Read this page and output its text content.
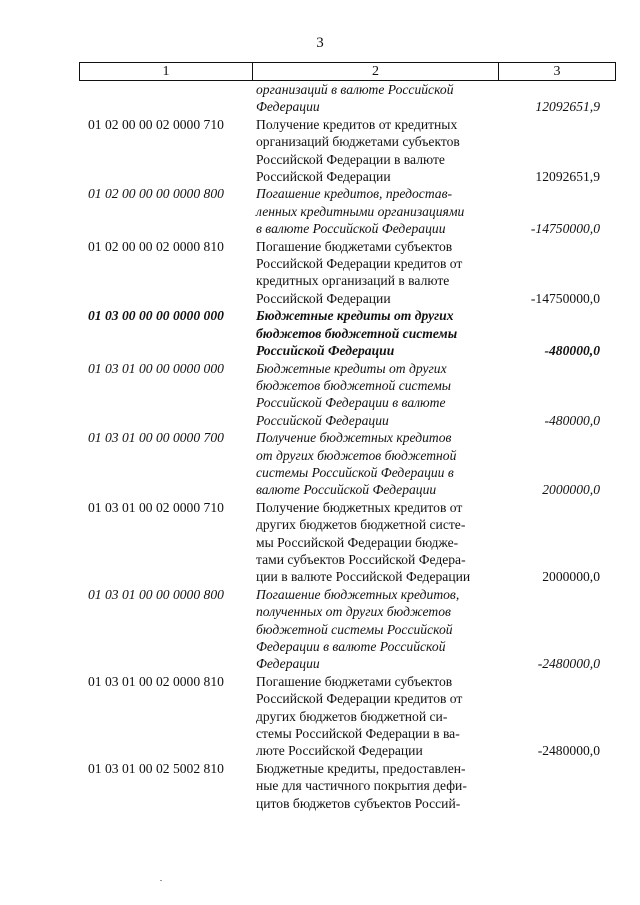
3
1	2	3
организаций в валюте Российской
Федерации	12092651,9
01 02 00 00 02 0000 710	Получение кредитов от кредитных
организаций бюджетами субъектов
Российской Федерации в валюте
Российской Федерации	12092651,9
01 02 00 00 00 0000 800	Погашение кредитов, предостав-
ленных кредитными организациями
в валюте Российской Федерации	-14750000,0
01 02 00 00 02 0000 810	Погашение бюджетами субъектов
Российской Федерации кредитов от
кредитных организаций в валюте
Российской Федерации	-14750000,0
01 03 00 00 00 0000 000	Бюджетные кредиты от других
бюджетов бюджетной системы
Российской Федерации	-480000,0
01 03 01 00 00 0000 000	Бюджетные кредиты от других
бюджетов бюджетной системы
Российской Федерации в валюте
Российской Федерации	-480000,0
01 03 01 00 00 0000 700	Получение бюджетных кредитов
от других бюджетов бюджетной
системы Российской Федерации в
валюте Российской Федерации	2000000,0
01 03 01 00 02 0000 710	Получение бюджетных кредитов от
других бюджетов бюджетной систе-
мы Российской Федерации бюдже-
тами субъектов Российской Федера-
ции в валюте Российской Федерации	2000000,0
01 03 01 00 00 0000 800	Погашение бюджетных кредитов,
полученных от других бюджетов
бюджетной системы Российской
Федерации в валюте Российской
Федерации	-2480000,0
01 03 01 00 02 0000 810	Погашение бюджетами субъектов
Российской Федерации кредитов от
других бюджетов бюджетной си-
стемы Российской Федерации в ва-
люте Российской Федерации	-2480000,0
01 03 01 00 02 5002 810	Бюджетные кредиты, предоставлен-
ные для частичного покрытия дефи-
цитов бюджетов субъектов Россий-
